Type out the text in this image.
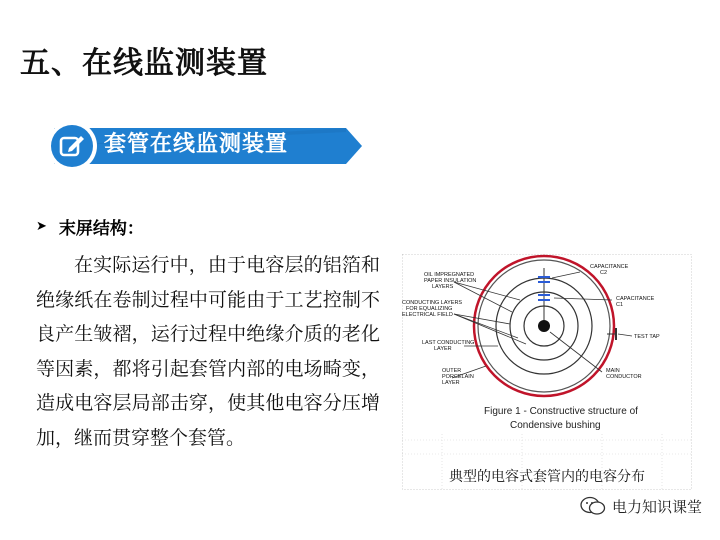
五、在线监测装置
套管在线监测装置
➤ 末屏结构：
在实际运行中，由于电容层的铝箔和绝缘纸在卷制过程中可能由于工艺控制不良产生皱褶，运行过程中绝缘介质的老化等因素，都将引起套管内部的电场畸变，造成电容层局部击穿，使其他电容分压增加，继而贯穿整个套管。
OIL IMPREGNATED
PAPER INSULATION
LAYERS
CONDUCTING LAYERS
FOR EQUALIZING
ELECTRICAL FIELD
LAST CONDUCTING
LAYER
OUTER
PORCELAIN
LAYER
CAPACITANCE
C2
CAPACITANCE
C1
TEST TAP
MAIN
CONDUCTOR
Figure 1 - Constructive structure of
Condensive bushing
典型的电容式套管内的电容分布
电力知识课堂
